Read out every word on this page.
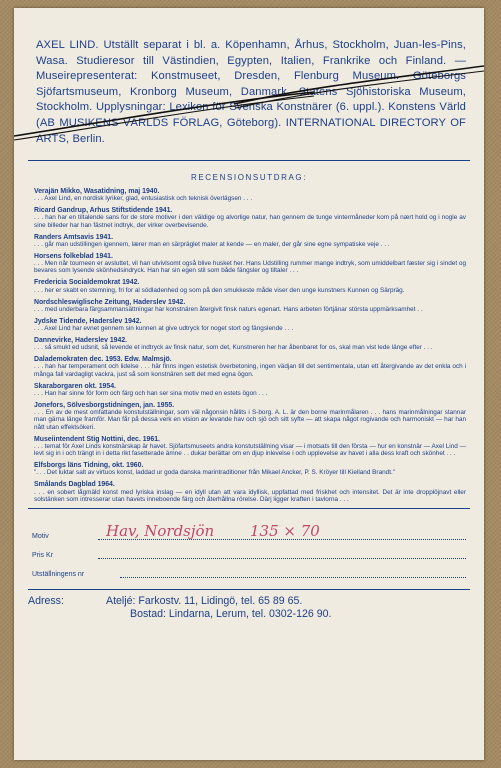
AXEL LIND. Utställt separat i bl. a. Köpenhamn, Århus, Stockholm, Juan-les-Pins, Wasa. Studieresor till Västindien, Egypten, Italien, Frankrike och Finland. — Museirepresenterat: Konstmuseet, Dresden, Flenburg Museum. Göteborgs Sjöfartsmuseum, Kronborg Museum, Danmark. Statens Sjöhistoriska Museum, Stockholm. Upplysningar: Lexikon för Svenska Konstnärer (6. uppl.). Konstens Värld (AB MUSIKENS VÄRLDS FÖRLAG, Göteborg). INTERNATIONAL DIRECTORY OF ARTS, Berlin.
RECENSIONSUTDRAG:
Verajän Mikko, Wasatidning, maj 1940.
. . . Axel Lind, en nordisk lyriker, glad, entusiastisk och teknisk överlägsen . . .
Ricard Gandrup, Arhus Stiftstidende 1941.
. . . han har en tiltalende sans for de store motiver i den väldige og alvorlige natur, han gennem de tunge vintermåneder kom på nært hold og i nogle av sine billeder har han fästnet indtryk, der virker overbevisende.
Randers Amtsavis 1941.
. . . går man udstillingen igennem, lærer man en särpräglet maler at kende — en maler, der går sine egne sympatiske veje . . .
Horsens folkeblad 1941.
. . . Men når tourneen er avsluttet, vil han utvivlsomt også blive husket her. Hans Udstilling rummer mange indtryk, som umiddelbart fæster sig i sindet og bevares som lysende skönhedsindryck. Han har sin egen stil som både fängsler og tiltaler . . .
Fredericia Socialdemokrat 1942.
. . . her er skabt en stemning, fri for al södladenhed og som på den smukkeste måde viser den unge kunstners Kunnen og Särpräg.
Nordschleswiglische Zeitung, Haderslev 1942.
. . . med underbara färgsammansättningar har konstnären återgivit finsk naturs egenart. Hans arbeten förtjänar största uppmärksamhet . .
Jydske Tidende, Haderslev 1942.
. . . Axel Lind har evnet gennem sin kunnen at give udtryck for noget stort og fängslende . . .
Dannevirke, Haderslev 1942.
. . . så smukt ed udsnit, så levende et indtryck av finsk natur, som det, Kunstneren her har åbenbaret for os, skal man vist lede länge efter . . .
Dalademokraten dec. 1953. Edw. Malmsjö.
. . . han har temperament och lidelse . . . här finns ingen estetisk överbetoning, ingen vädjan till det sentimentala, utan ett återgivande av det enkla och i många fall vardagligt vackra, just så som konstnären sett det med egna ögon.
Skaraborgaren okt. 1954.
. . . Han har sinne för form och färg och han ser sina motiv med en estets ögon . . .
Jonefors, Sölvesborgstidningen, jan. 1955.
. . . En av de mest omfattande konstutställningar, som väl någonsin hållits i S-borg. A. L. är den borne marinmålaren . . . hans marinmålningar stannar man gärna länge framför. Man får på dessa verk en vision av levande hav och sjö och sitt syfte — att skapa något rogivande och harmoniskt — har han nått utan effektsökeri.
Museiintendent Stig Nottini, dec. 1961.
. . . temat för Axel Linds konstnärskap är havet. Sjöfartsmuseets andra konstutställning visar — i motsats till den första — hur en konstnär — Axel Lind — levt sig in i och trängt in i detta rikt fasetterade ämne . . dukar berättar om en djup inlevelse i och upplevelse av havet i alla dess kraft och skönhet . . .
Elfsborgs läns Tidning, okt. 1960.
". . . Det luktar salt av virtuos konst, laddad ur goda danska marintraditioner från Mikael Ancker, P. S. Kröyer till Kielland Brandt."
Smålands Dagblad 1964.
. . . en sobert lågmäld konst med lyriska inslag — en idyll utan att vara idyllisk, uppfattad med friskhet och intensitet. Det är inte dropplöjnavt eller solstänken som intresserar utan havets inneboende färg och återhållna rörelse. Därj ligger kraften i tavlorna . . .
Motiv	Hav, Nordsjön 135 × 70
Pris Kr
Utställningens nr
Adress:	Ateljé: Farkostv. 11, Lidingö, tel. 65 89 65.
Bostad: Lindarna, Lerum, tel. 0302-126 90.
